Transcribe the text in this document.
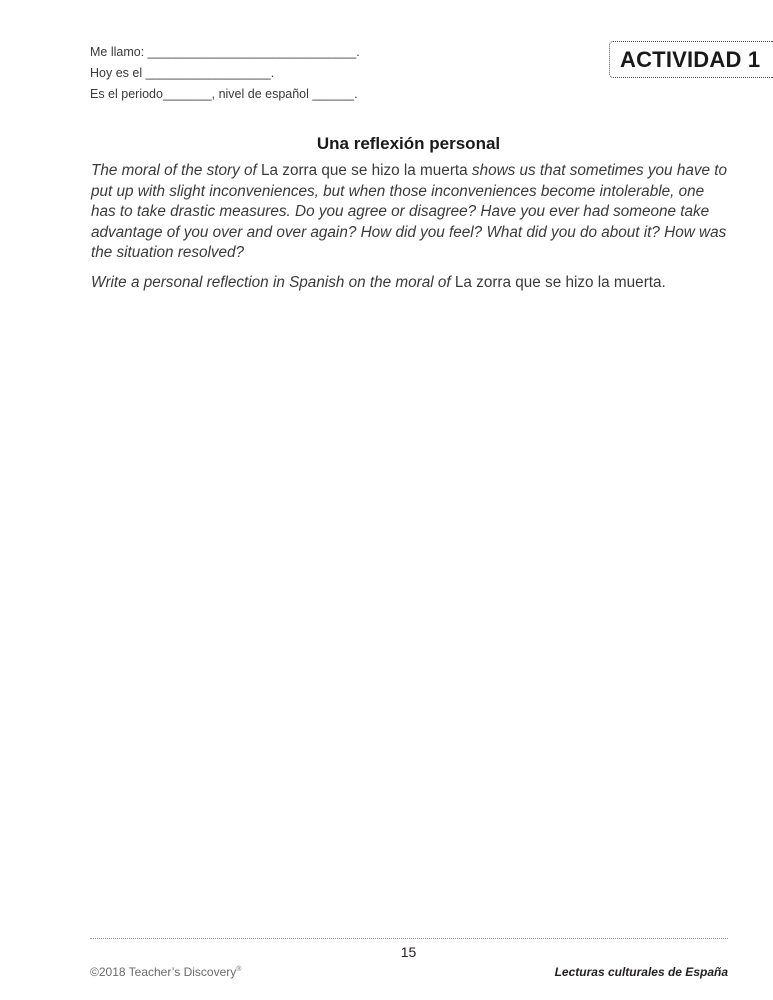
Me llamo: ______________________________.
Hoy es el __________________.
Es el periodo_______, nivel de español ______.
ACTIVIDAD 1
Una reflexión personal
The moral of the story of La zorra que se hizo la muerta shows us that sometimes you have to put up with slight inconveniences, but when those inconveniences become intolerable, one has to take drastic measures. Do you agree or disagree? Have you ever had someone take advantage of you over and over again? How did you feel? What did you do about it? How was the situation resolved?
Write a personal reflection in Spanish on the moral of La zorra que se hizo la muerta.
15
©2018 Teacher’s Discovery®	Lecturas culturales de España
